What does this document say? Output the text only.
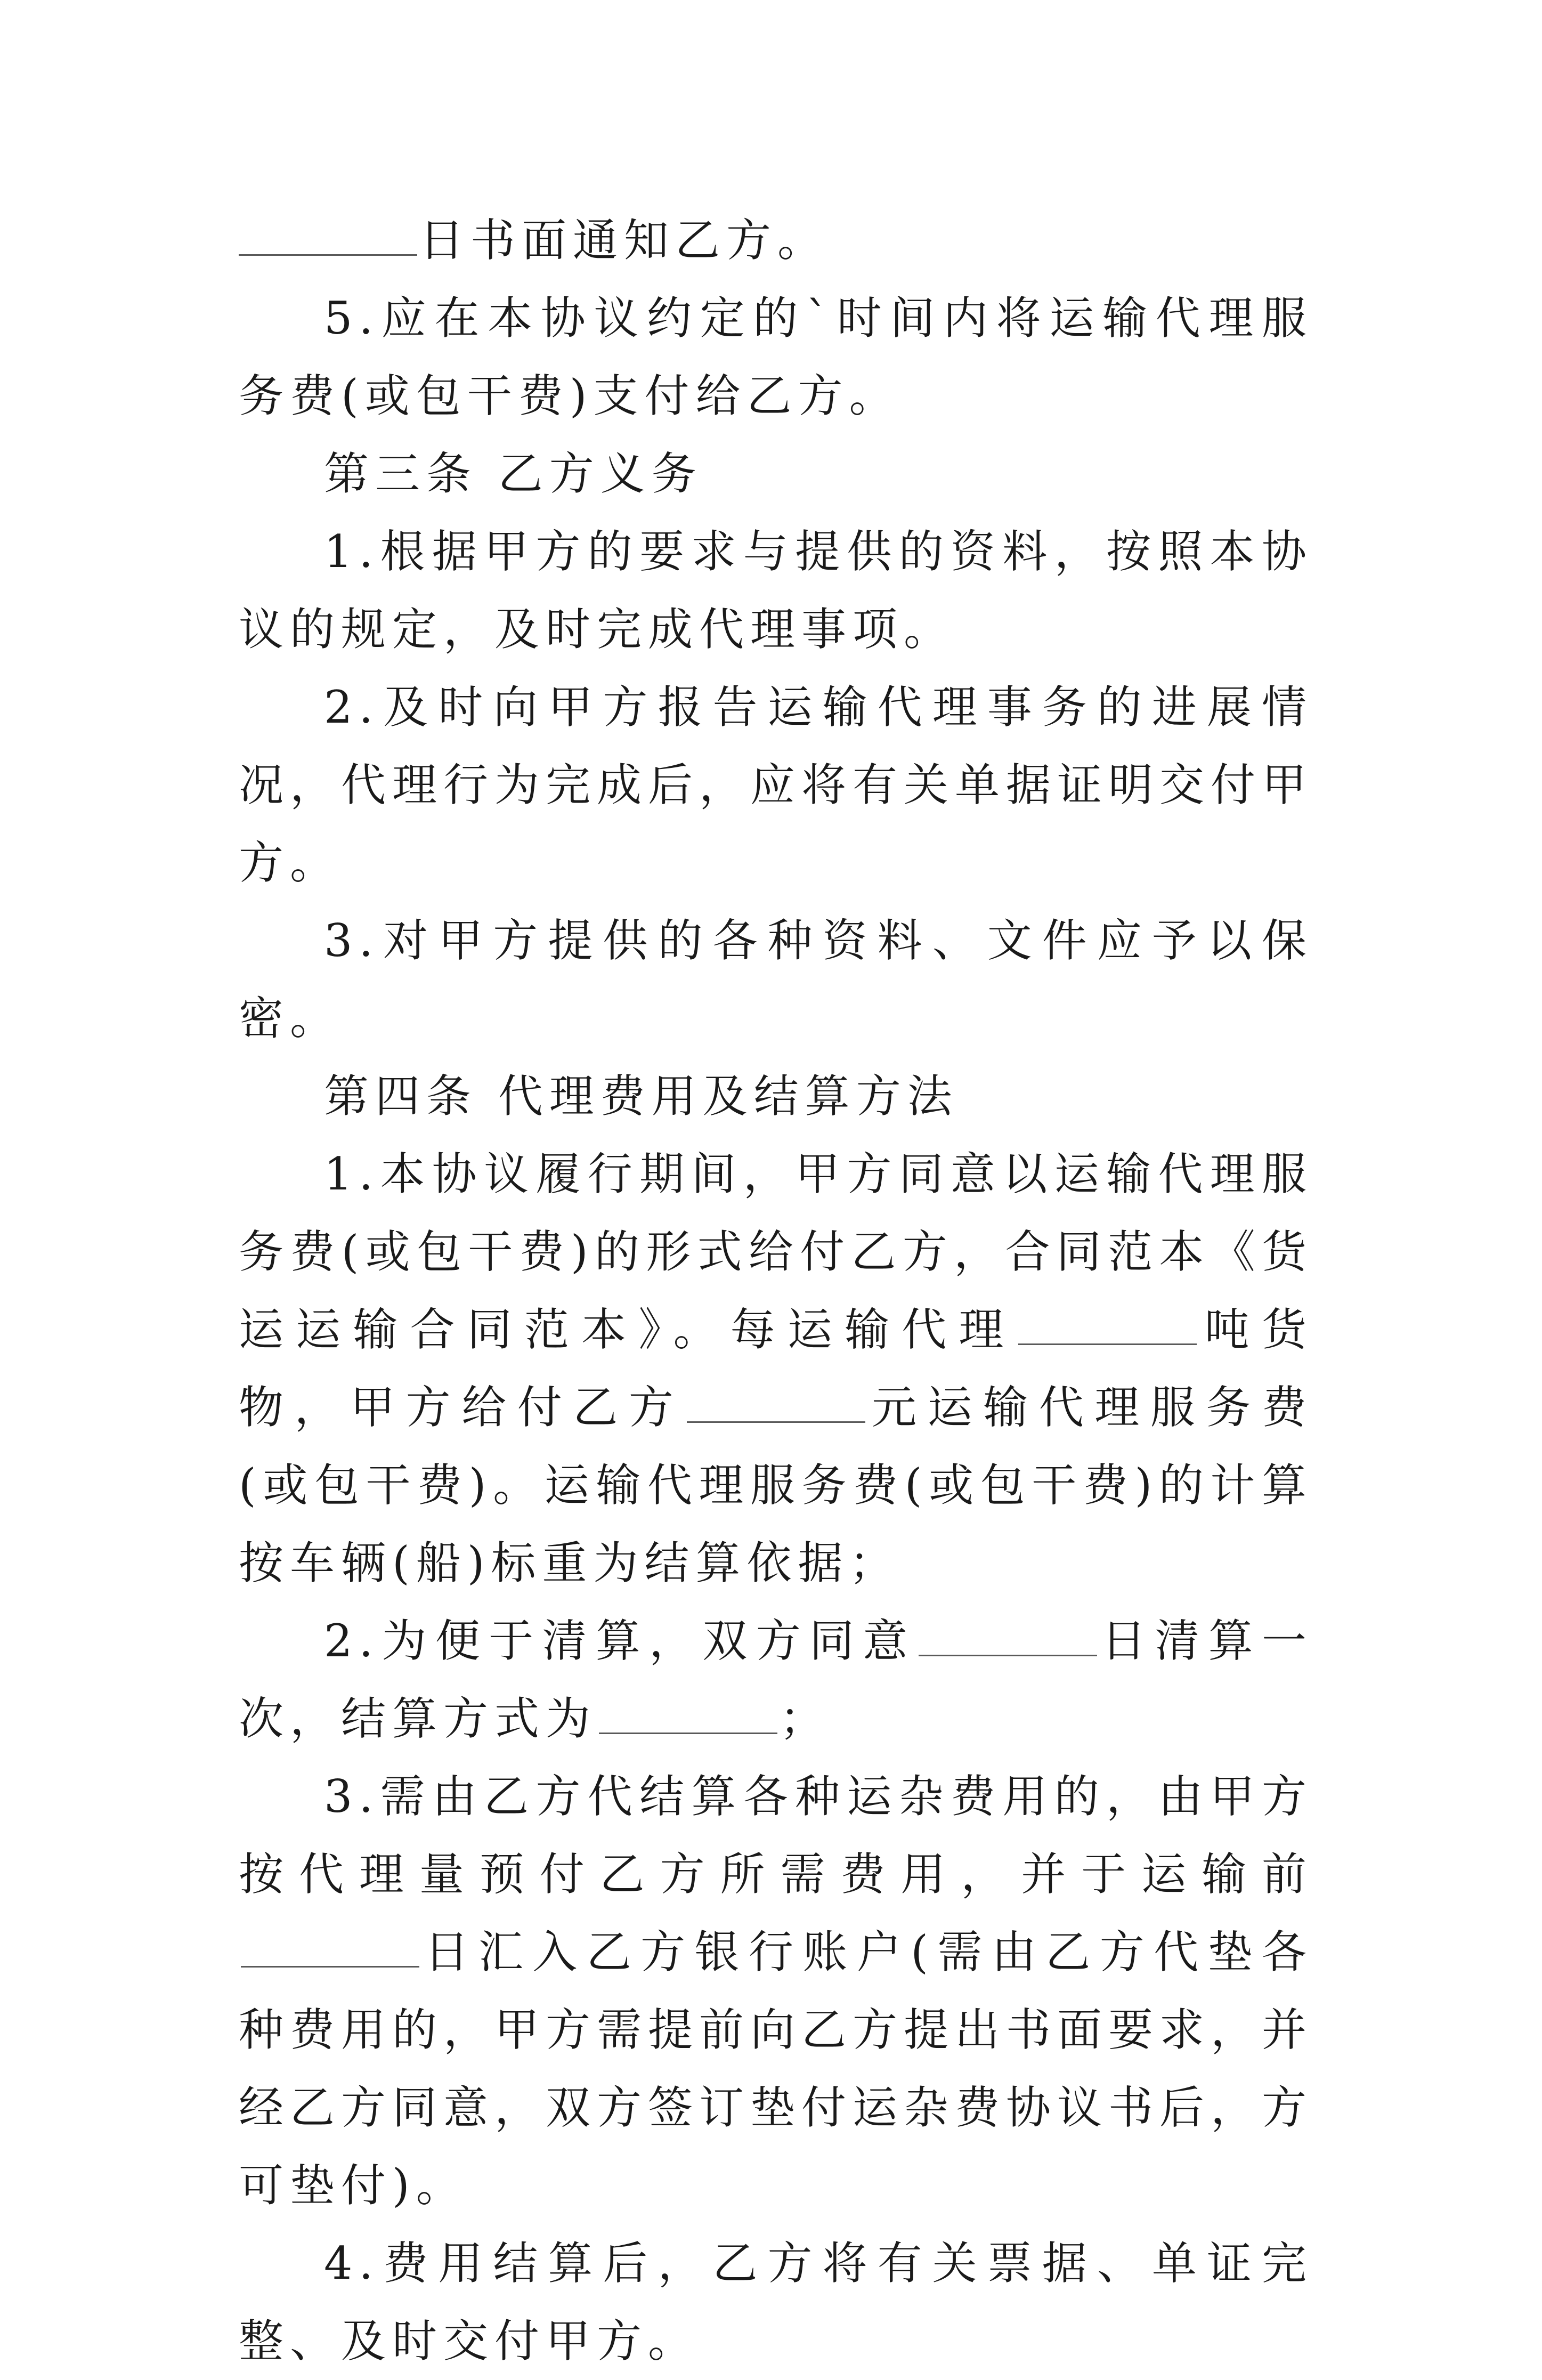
日书面通知乙方。

5.应在本协议约定的`时间内将运输代理服务费(或包干费)支付给乙方。

第三条 乙方义务

1.根据甲方的要求与提供的资料，按照本协议的规定，及时完成代理事项。

2.及时向甲方报告运输代理事务的进展情况，代理行为完成后，应将有关单据证明交付甲方。

3.对甲方提供的各种资料、文件应予以保密。

第四条 代理费用及结算方法

1.本协议履行期间，甲方同意以运输代理服务费(或包干费)的形式给付乙方，合同范本《货运运输合同范本》。每运输代理	吨货物，甲方给付乙方	元运输代理服务费(或包干费)。运输代理服务费(或包干费)的计算按车辆(船)标重为结算依据；

2.为便于清算，双方同意	日清算一次，结算方式为	；

3.需由乙方代结算各种运杂费用的，由甲方按代理量预付乙方所需费用，并于运输前日汇入乙方银行账户(需由乙方代垫各种费用的，甲方需提前向乙方提出书面要求，并经乙方同意，双方签订垫付运杂费协议书后，方可垫付)。

4.费用结算后，乙方将有关票据、单证完整、及时交付甲方。
